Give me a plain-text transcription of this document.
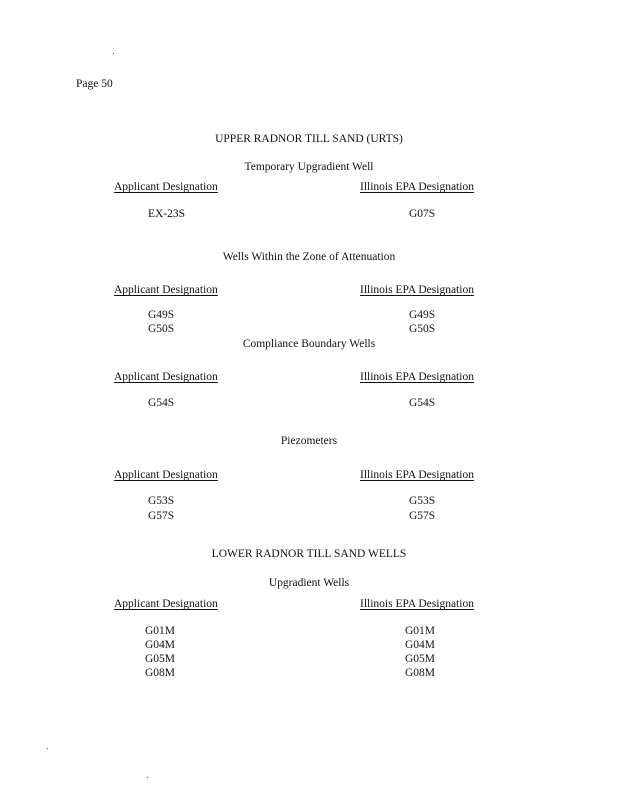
Page 50
UPPER RADNOR TILL SAND (URTS)
Temporary Upgradient Well
Applicant Designation	Illinois EPA Designation
EX-23S	G07S
Wells Within the Zone of Attenuation
Applicant Designation	Illinois EPA Designation
G49S	G49S
G50S	G50S
Compliance Boundary Wells
Applicant Designation	Illinois EPA Designation
G54S	G54S
Piezometers
Applicant Designation	Illinois EPA Designation
G53S	G53S
G57S	G57S
LOWER RADNOR TILL SAND WELLS
Upgradient Wells
Applicant Designation	Illinois EPA Designation
G01M	G01M
G04M	G04M
G05M	G05M
G08M	G08M
